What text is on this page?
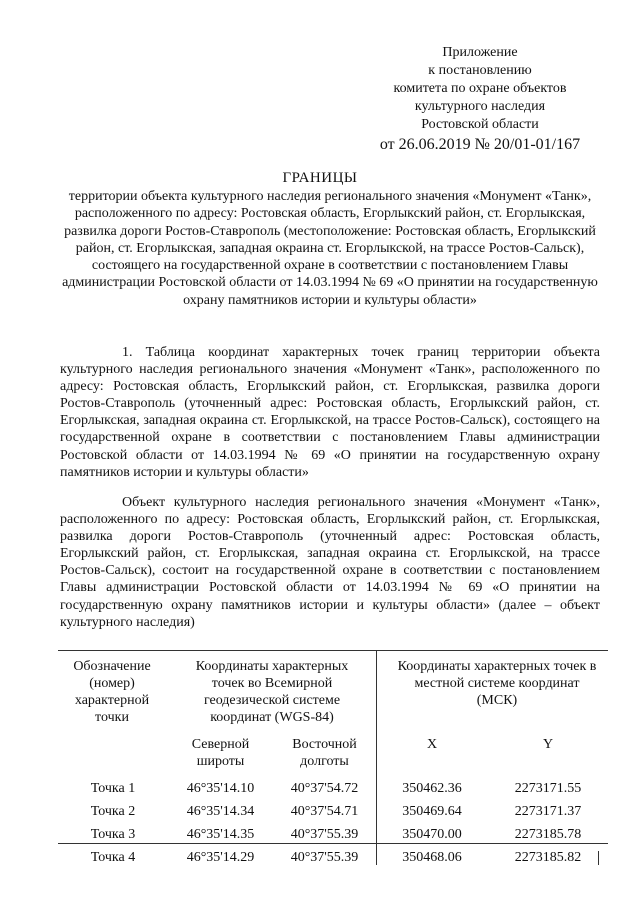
Приложение
к постановлению
комитета по охране объектов
культурного наследия
Ростовской области
от 26.06.2019 № 20/01-01/167
ГРАНИЦЫ
территории объекта культурного наследия регионального значения «Монумент «Танк», расположенного по адресу: Ростовская область, Егорлыкский район, ст. Егорлыкская, развилка дороги Ростов-Ставрополь (местоположение: Ростовская область, Егорлыкский район, ст. Егорлыкская, западная окраина ст. Егорлыкской, на трассе Ростов-Сальск), состоящего на государственной охране в соответствии с постановлением Главы администрации Ростовской области от 14.03.1994 № 69 «О принятии на государственную охрану памятников истории и культуры области»

1. Таблица координат характерных точек границ территории объекта культурного наследия регионального значения «Монумент «Танк», расположенного по адресу: Ростовская область, Егорлыкский район, ст. Егорлыкская, развилка дороги Ростов-Ставрополь (уточненный адрес: Ростовская область, Егорлыкский район, ст. Егорлыкская, западная окраина ст. Егорлыкской, на трассе Ростов-Сальск), состоящего на государственной охране в соответствии с постановлением Главы администрации Ростовской области от 14.03.1994 № 69 «О принятии на государственную охрану памятников истории и культуры области»

Объект культурного наследия регионального значения «Монумент «Танк», расположенного по адресу: Ростовская область, Егорлыкский район, ст. Егорлыкская, развилка дороги Ростов-Ставрополь (уточненный адрес: Ростовская область, Егорлыкский район, ст. Егорлыкская, западная окраина ст. Егорлыкской, на трассе Ростов-Сальск), состоит на государственной охране в соответствии с постановлением Главы администрации Ростовской области от 14.03.1994 № 69 «О принятии на государственную охрану памятников истории и культуры области» (далее – объект культурного наследия)

Обозначение (номер) характерной точки	Координаты характерных точек во Всемирной геодезической системе координат (WGS-84)		Координаты характерных точек в местной системе координат (МСК)	
	Северной широты	Восточной долготы	X	Y
Точка 1	46°35'14.10	40°37'54.72	350462.36	2273171.55
Точка 2	46°35'14.34	40°37'54.71	350469.64	2273171.37
Точка 3	46°35'14.35	40°37'55.39	350470.00	2273185.78
Точка 4	46°35'14.29	40°37'55.39	350468.06	2273185.82
